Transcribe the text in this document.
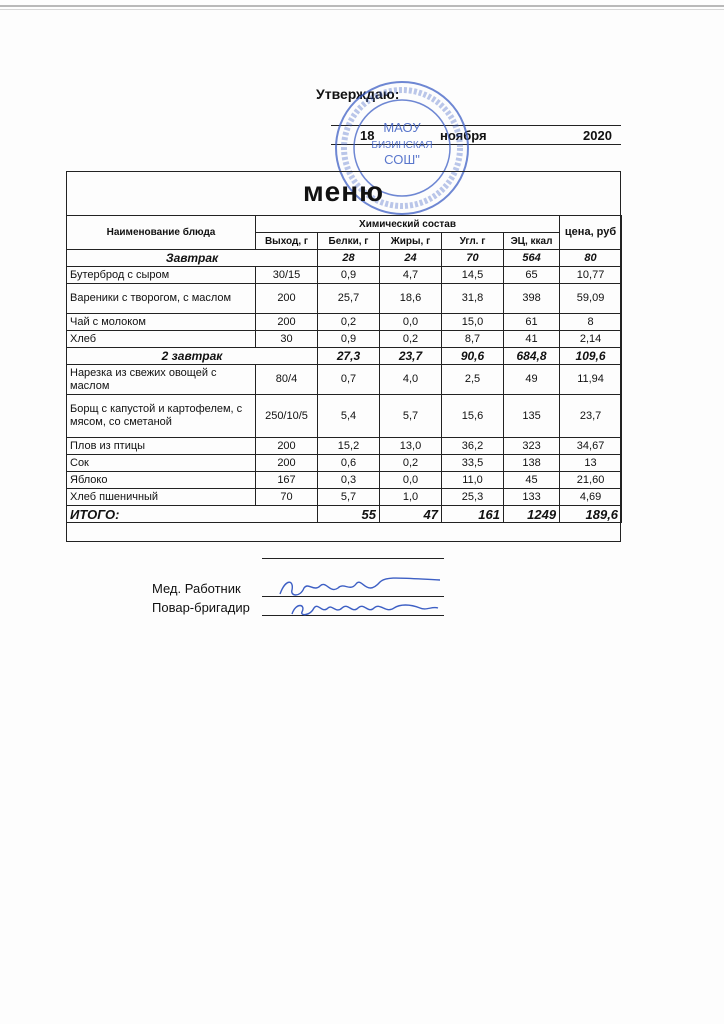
Утверждаю:
18	ноября	2020
МАОУ
БИЗИНСКАЯ
СОШ"
меню
Наименование блюда	Химический состав					цена, руб
	Выход, г	Белки, г	Жиры, г	Угл. г	ЭЦ, ккал	
Завтрак		28	24	70	564	80
Бутерброд с сыром	30/15	0,9	4,7	14,5	65	10,77
Вареники с творогом, с маслом	200	25,7	18,6	31,8	398	59,09
Чай с молоком	200	0,2	0,0	15,0	61	8
Хлеб	30	0,9	0,2	8,7	41	2,14
2 завтрак		27,3	23,7	90,6	684,8	109,6
Нарезка из свежих овощей с маслом	80/4	0,7	4,0	2,5	49	11,94
Борщ с капустой и картофелем, с мясом, со сметаной	250/10/5	5,4	5,7	15,6	135	23,7
Плов из птицы	200	15,2	13,0	36,2	323	34,67
Сок	200	0,6	0,2	33,5	138	13
Яблоко	167	0,3	0,0	11,0	45	21,60
Хлеб пшеничный	70	5,7	1,0	25,3	133	4,69
ИТОГО:		55	47	161	1249	189,6
Мед. Работник
Повар-бригадир
